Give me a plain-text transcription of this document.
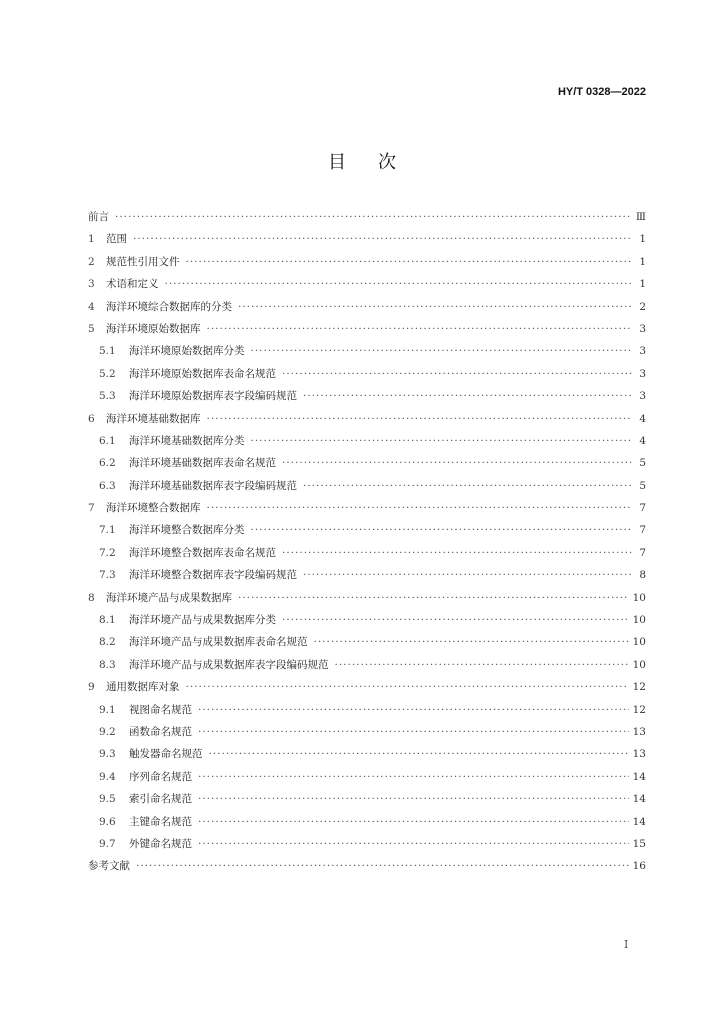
HY/T 0328—2022
目次
前言 ·····	Ⅲ
1	范围 ·····	1
2	规范性引用文件 ·····	1
3	术语和定义 ·····	1
4	海洋环境综合数据库的分类 ·····	2
5	海洋环境原始数据库 ·····	3
5.1	海洋环境原始数据库分类 ·····	3
5.2	海洋环境原始数据库表命名规范 ·····	3
5.3	海洋环境原始数据库表字段编码规范 ·····	3
6	海洋环境基础数据库 ·····	4
6.1	海洋环境基础数据库分类 ·····	4
6.2	海洋环境基础数据库表命名规范 ·····	5
6.3	海洋环境基础数据库表字段编码规范 ·····	5
7	海洋环境整合数据库 ·····	7
7.1	海洋环境整合数据库分类 ·····	7
7.2	海洋环境整合数据库表命名规范 ·····	7
7.3	海洋环境整合数据库表字段编码规范 ·····	8
8	海洋环境产品与成果数据库 ·····	10
8.1	海洋环境产品与成果数据库分类 ·····	10
8.2	海洋环境产品与成果数据库表命名规范 ·····	10
8.3	海洋环境产品与成果数据库表字段编码规范 ·····	10
9	通用数据库对象 ·····	12
9.1	视图命名规范 ·····	12
9.2	函数命名规范 ·····	13
9.3	触发器命名规范 ·····	13
9.4	序列命名规范 ·····	14
9.5	索引命名规范 ·····	14
9.6	主键命名规范 ·····	14
9.7	外键命名规范 ·····	15
参考文献 ·····	16
I
